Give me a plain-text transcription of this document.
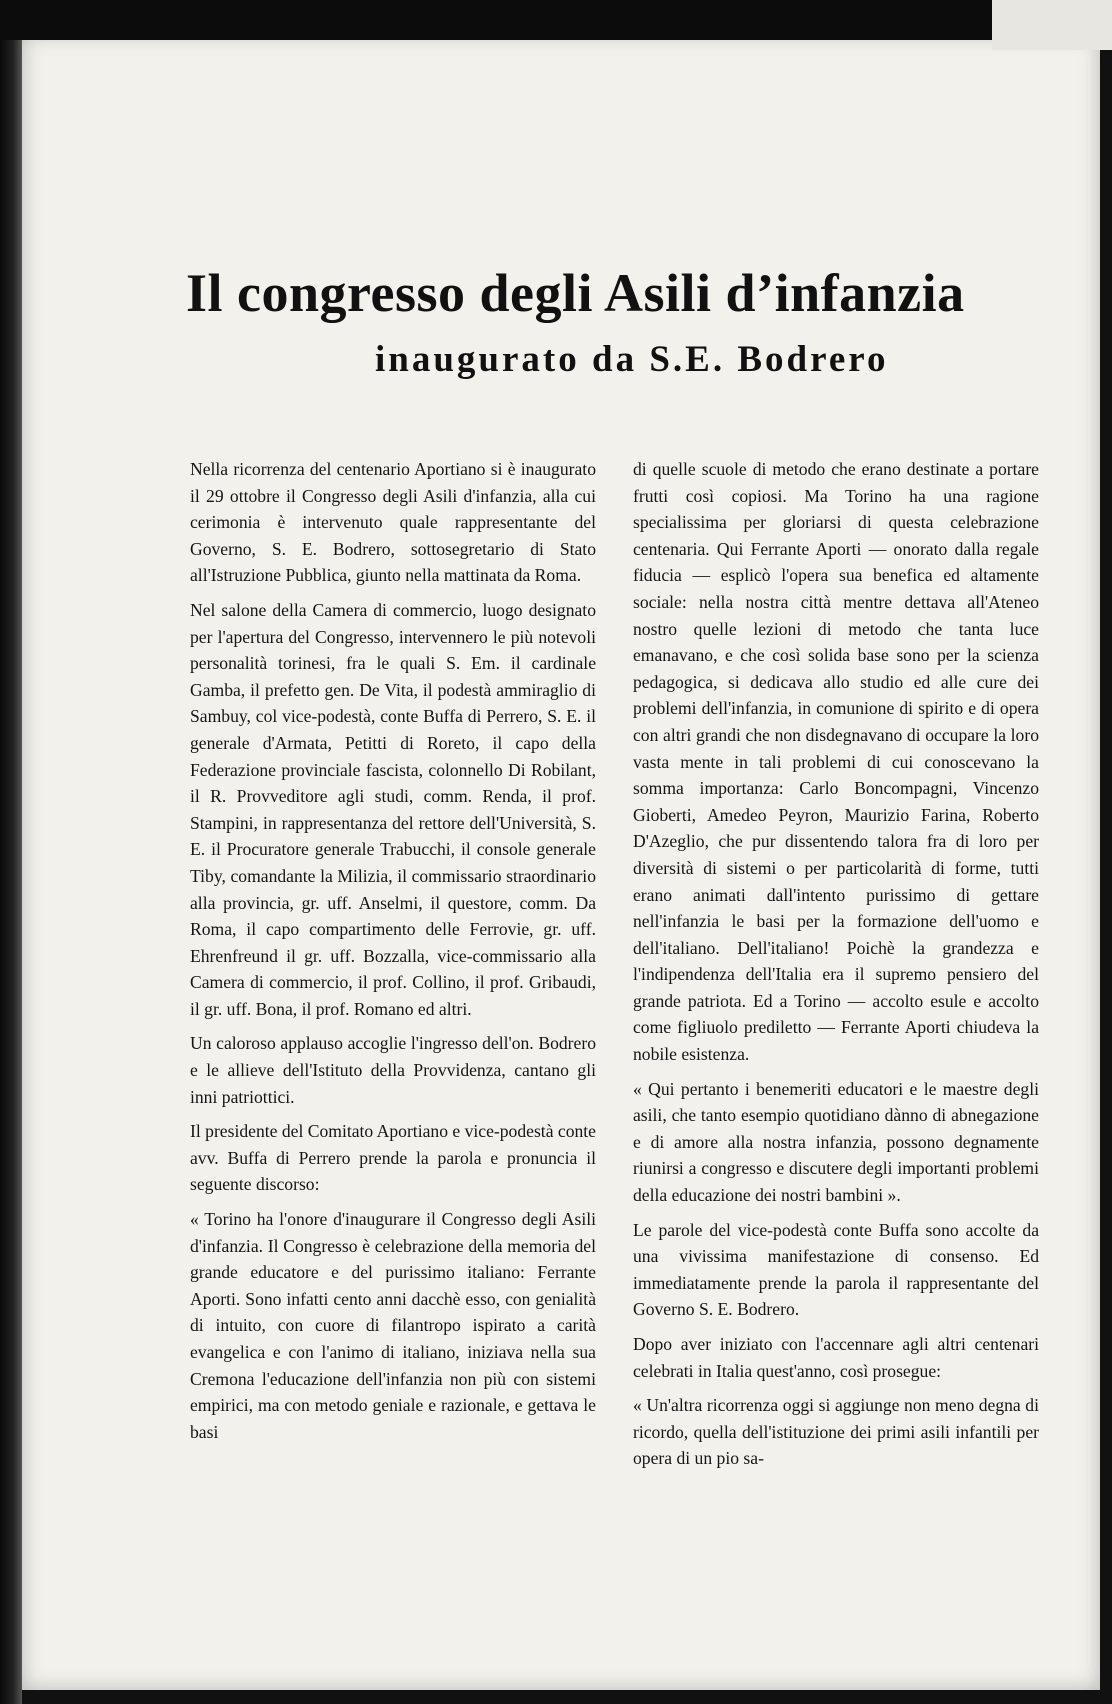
Il congresso degli Asili d’infanzia
inaugurato da S.E. Bodrero

Nella ricorrenza del centenario Aportiano si è inaugurato il 29 ottobre il Congresso degli Asili d'infanzia, alla cui cerimonia è intervenuto quale rappresentante del Governo, S. E. Bodrero, sottosegretario di Stato all'Istruzione Pubblica, giunto nella mattinata da Roma.

Nel salone della Camera di commercio, luogo designato per l'apertura del Congresso, intervennero le più notevoli personalità torinesi, fra le quali S. Em. il cardinale Gamba, il prefetto gen. De Vita, il podestà ammiraglio di Sambuy, col vice-podestà, conte Buffa di Perrero, S. E. il generale d'Armata, Petitti di Roreto, il capo della Federazione provinciale fascista, colonnello Di Robilant, il R. Provveditore agli studi, comm. Renda, il prof. Stampini, in rappresentanza del rettore dell'Università, S. E. il Procuratore generale Trabucchi, il console generale Tiby, comandante la Milizia, il commissario straordinario alla provincia, gr. uff. Anselmi, il questore, comm. Da Roma, il capo compartimento delle Ferrovie, gr. uff. Ehrenfreund il gr. uff. Bozzalla, vice-commissario alla Camera di commercio, il prof. Collino, il prof. Gribaudi, il gr. uff. Bona, il prof. Romano ed altri.

Un caloroso applauso accoglie l'ingresso dell'on. Bodrero e le allieve dell'Istituto della Provvidenza, cantano gli inni patriottici.

Il presidente del Comitato Aportiano e vice-podestà conte avv. Buffa di Perrero prende la parola e pronuncia il seguente discorso:

« Torino ha l'onore d'inaugurare il Congresso degli Asili d'infanzia. Il Congresso è celebrazione della memoria del grande educatore e del purissimo italiano: Ferrante Aporti. Sono infatti cento anni dacchè esso, con genialità di intuito, con cuore di filantropo ispirato a carità evangelica e con l'animo di italiano, iniziava nella sua Cremona l'educazione dell'infanzia non più con sistemi empirici, ma con metodo geniale e razionale, e gettava le basi

di quelle scuole di metodo che erano destinate a portare frutti così copiosi. Ma Torino ha una ragione specialissima per gloriarsi di questa celebrazione centenaria. Qui Ferrante Aporti — onorato dalla regale fiducia — esplicò l'opera sua benefica ed altamente sociale: nella nostra città mentre dettava all'Ateneo nostro quelle lezioni di metodo che tanta luce emanavano, e che così solida base sono per la scienza pedagogica, si dedicava allo studio ed alle cure dei problemi dell'infanzia, in comunione di spirito e di opera con altri grandi che non disdegnavano di occupare la loro vasta mente in tali problemi di cui conoscevano la somma importanza: Carlo Boncompagni, Vincenzo Gioberti, Amedeo Peyron, Maurizio Farina, Roberto D'Azeglio, che pur dissentendo talora fra di loro per diversità di sistemi o per particolarità di forme, tutti erano animati dall'intento purissimo di gettare nell'infanzia le basi per la formazione dell'uomo e dell'italiano. Dell'italiano! Poichè la grandezza e l'indipendenza dell'Italia era il supremo pensiero del grande patriota. Ed a Torino — accolto esule e accolto come figliuolo prediletto — Ferrante Aporti chiudeva la nobile esistenza.

« Qui pertanto i benemeriti educatori e le maestre degli asili, che tanto esempio quotidiano dànno di abnegazione e di amore alla nostra infanzia, possono degnamente riunirsi a congresso e discutere degli importanti problemi della educazione dei nostri bambini ».

Le parole del vice-podestà conte Buffa sono accolte da una vivissima manifestazione di consenso. Ed immediatamente prende la parola il rappresentante del Governo S. E. Bodrero.

Dopo aver iniziato con l'accennare agli altri centenari celebrati in Italia quest'anno, così prosegue:

« Un'altra ricorrenza oggi si aggiunge non meno degna di ricordo, quella dell'istituzione dei primi asili infantili per opera di un pio sa-
